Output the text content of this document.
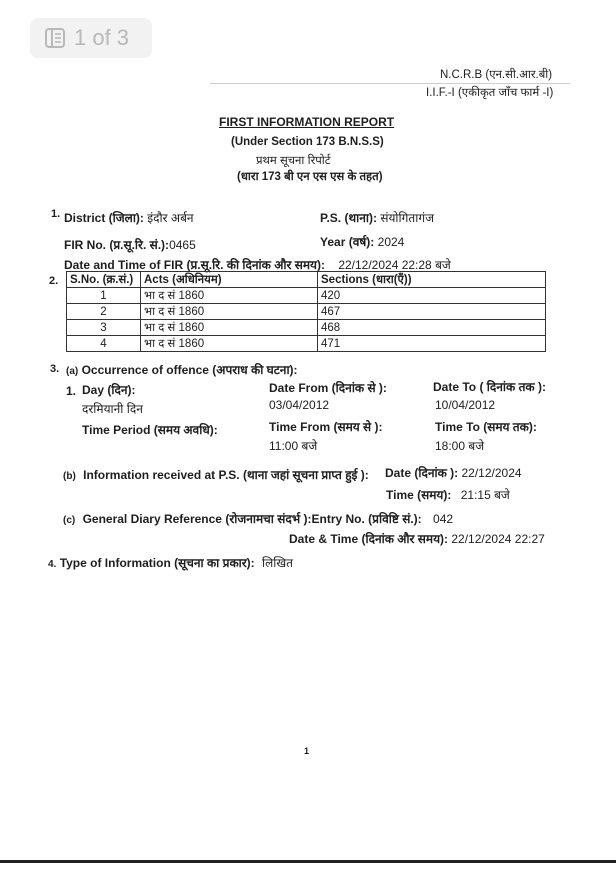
1 of 3
N.C.R.B (एन.सी.आर.बी)
I.I.F.-I (एकीकृत जाँच फार्म -I)
FIRST INFORMATION REPORT
(Under Section 173 B.N.S.S)
प्रथम सूचना रिपोर्ट
(धारा 173 बी एन एस एस के तहत)
1. District (जिला): इंदौर अर्बन	P.S. (थाना): संयोगितागंज
FIR No. (प्र.सू.रि. सं.):0465	Year (वर्ष): 2024
Date and Time of FIR (प्र.सू.रि. की दिनांक और समय): 22/12/2024 22:28 बजे
2. S.No. (क्र.सं.)	Acts (अधिनियम)	Sections (धारा(एँ))
1	भा द सं 1860	420
2	भा द सं 1860	467
3	भा द सं 1860	468
4	भा द सं 1860	471
3. (a) Occurrence of offence (अपराध की घटना):
1. Day (दिन):
दरमियानी दिन
Date From (दिनांक से ):
03/04/2012
Date To ( दिनांक तक ):
10/04/2012
Time Period (समय अवधि):	Time From (समय से ):
11:00 बजे
Time To (समय तक):
18:00 बजे
(b) Information received at P.S. (थाना जहां सूचना प्राप्त हुई ): Date (दिनांक ): 22/12/2024
Time (समय): 21:15 बजे
(c) General Diary Reference (रोजनामचा संदर्भ ):Entry No. (प्रविष्टि सं.): 042
Date & Time (दिनांक और समय): 22/12/2024 22:27
4. Type of Information (सूचना का प्रकार): लिखित
1
